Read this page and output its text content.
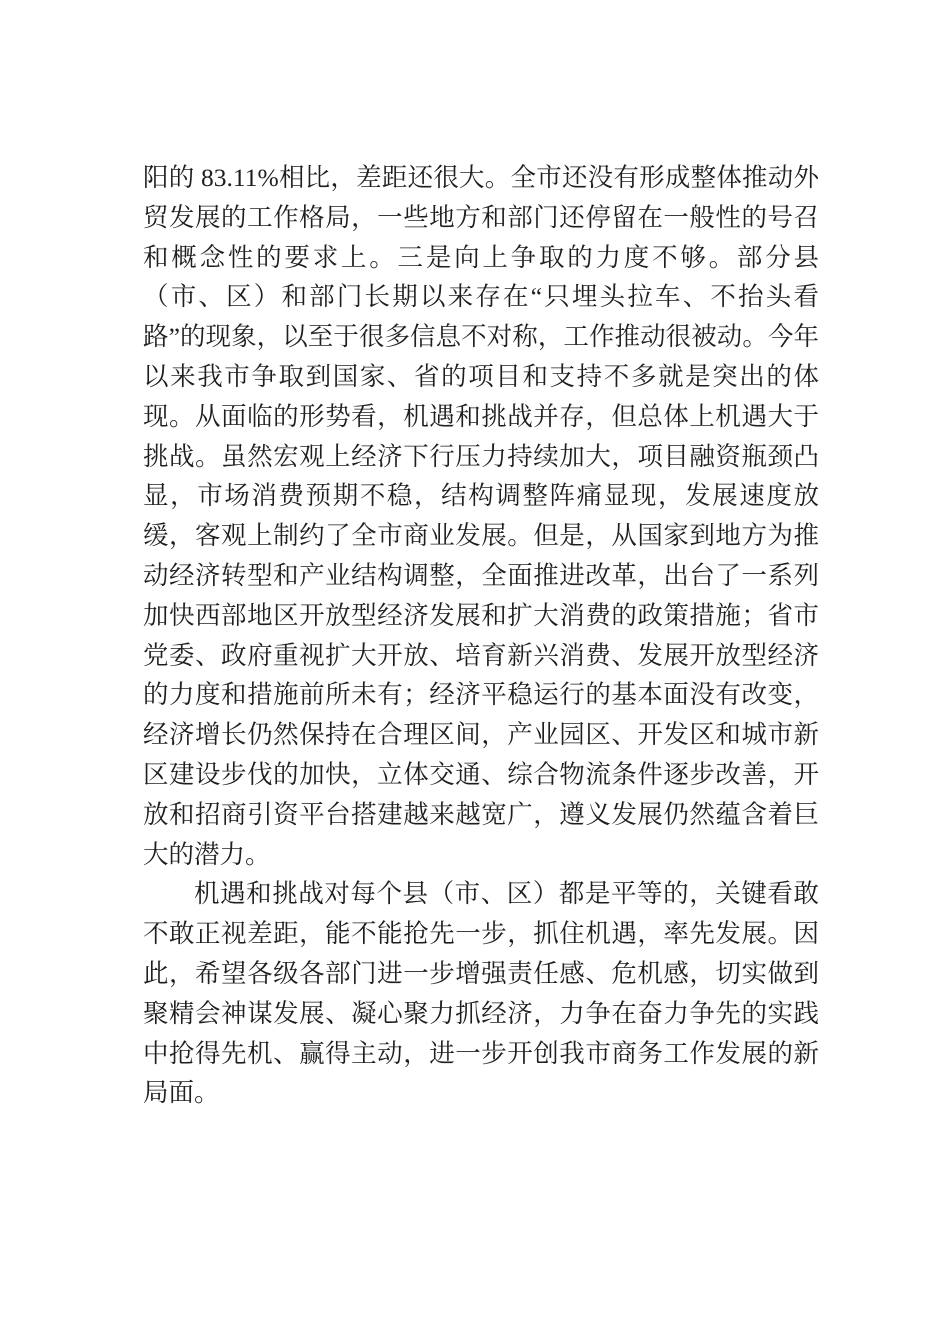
阳的 83.11%相比，差距还很大。全市还没有形成整体推动外贸发展的工作格局，一些地方和部门还停留在一般性的号召和概念性的要求上。三是向上争取的力度不够。部分县（市、区）和部门长期以来存在“只埋头拉车、不抬头看路”的现象，以至于很多信息不对称，工作推动很被动。今年以来我市争取到国家、省的项目和支持不多就是突出的体现。从面临的形势看，机遇和挑战并存，但总体上机遇大于挑战。虽然宏观上经济下行压力持续加大，项目融资瓶颈凸显，市场消费预期不稳，结构调整阵痛显现，发展速度放缓，客观上制约了全市商业发展。但是，从国家到地方为推动经济转型和产业结构调整，全面推进改革，出台了一系列加快西部地区开放型经济发展和扩大消费的政策措施；省市党委、政府重视扩大开放、培育新兴消费、发展开放型经济的力度和措施前所未有；经济平稳运行的基本面没有改变，经济增长仍然保持在合理区间，产业园区、开发区和城市新区建设步伐的加快，立体交通、综合物流条件逐步改善，开放和招商引资平台搭建越来越宽广，遵义发展仍然蕴含着巨大的潜力。

机遇和挑战对每个县（市、区）都是平等的，关键看敢不敢正视差距，能不能抢先一步，抓住机遇，率先发展。因此，希望各级各部门进一步增强责任感、危机感，切实做到聚精会神谋发展、凝心聚力抓经济，力争在奋力争先的实践中抢得先机、赢得主动，进一步开创我市商务工作发展的新局面。
